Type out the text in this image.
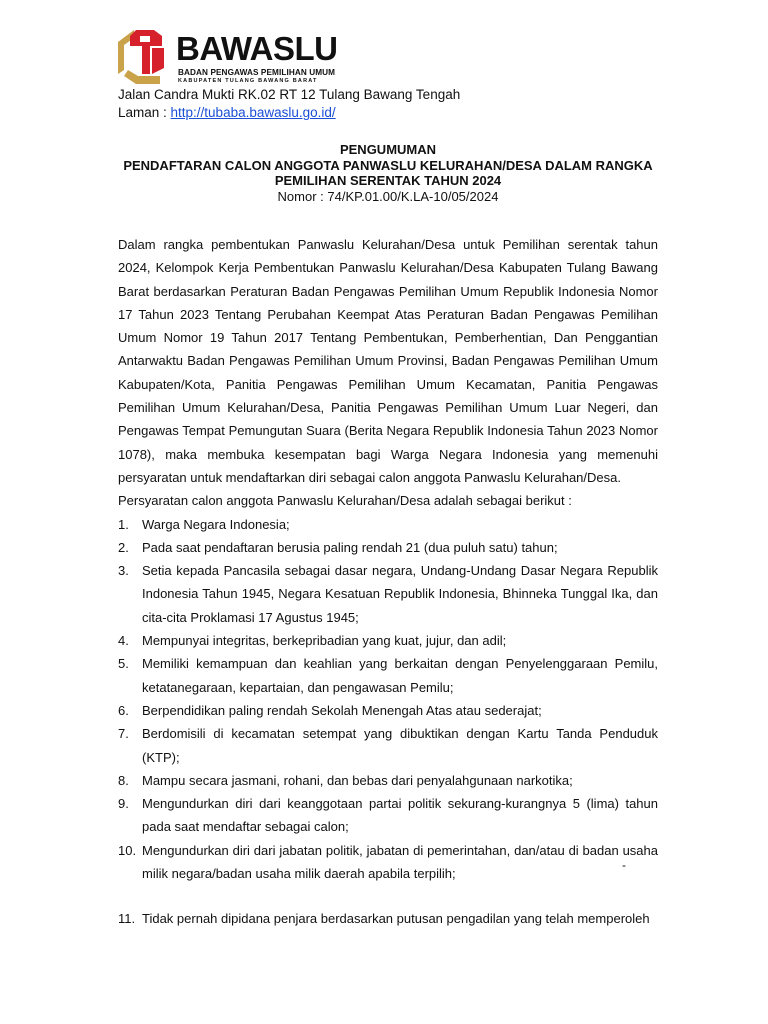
BAWASLU
BADAN PENGAWAS PEMILIHAN UMUM
KABUPATEN TULANG BAWANG BARAT
Jalan Candra Mukti RK.02 RT 12 Tulang Bawang Tengah
Laman : http://tubaba.bawaslu.go.id/
PENGUMUMAN
PENDAFTARAN CALON ANGGOTA PANWASLU KELURAHAN/DESA DALAM RANGKA
PEMILIHAN SERENTAK TAHUN 2024
Nomor : 74/KP.01.00/K.LA-10/05/2024

Dalam rangka pembentukan Panwaslu Kelurahan/Desa untuk Pemilihan serentak tahun 2024, Kelompok Kerja Pembentukan Panwaslu Kelurahan/Desa Kabupaten Tulang Bawang Barat berdasarkan Peraturan Badan Pengawas Pemilihan Umum Republik Indonesia Nomor 17 Tahun 2023 Tentang Perubahan Keempat Atas Peraturan Badan Pengawas Pemilihan Umum Nomor 19 Tahun 2017 Tentang Pembentukan, Pemberhentian, Dan Penggantian Antarwaktu Badan Pengawas Pemilihan Umum Provinsi, Badan Pengawas Pemilihan Umum Kabupaten/Kota, Panitia Pengawas Pemilihan Umum Kecamatan, Panitia Pengawas Pemilihan Umum Kelurahan/Desa, Panitia Pengawas Pemilihan Umum Luar Negeri, dan Pengawas Tempat Pemungutan Suara (Berita Negara Republik Indonesia Tahun 2023 Nomor 1078), maka membuka kesempatan bagi Warga Negara Indonesia yang memenuhi persyaratan untuk mendaftarkan diri sebagai calon anggota Panwaslu Kelurahan/Desa.

Persyaratan calon anggota Panwaslu Kelurahan/Desa adalah sebagai berikut :

1. Warga Negara Indonesia;
2. Pada saat pendaftaran berusia paling rendah 21 (dua puluh satu) tahun;
3. Setia kepada Pancasila sebagai dasar negara, Undang-Undang Dasar Negara Republik Indonesia Tahun 1945, Negara Kesatuan Republik Indonesia, Bhinneka Tunggal Ika, dan cita-cita Proklamasi 17 Agustus 1945;
4. Mempunyai integritas, berkepribadian yang kuat, jujur, dan adil;
5. Memiliki kemampuan dan keahlian yang berkaitan dengan Penyelenggaraan Pemilu, ketatanegaraan, kepartaian, dan pengawasan Pemilu;
6. Berpendidikan paling rendah Sekolah Menengah Atas atau sederajat;
7. Berdomisili di kecamatan setempat yang dibuktikan dengan Kartu Tanda Penduduk (KTP);
8. Mampu secara jasmani, rohani, dan bebas dari penyalahgunaan narkotika;
9. Mengundurkan diri dari keanggotaan partai politik sekurang-kurangnya 5 (lima) tahun pada saat mendaftar sebagai calon;
10. Mengundurkan diri dari jabatan politik, jabatan di pemerintahan, dan/atau di badan usaha milik negara/badan usaha milik daerah apabila terpilih;
11. Tidak pernah dipidana penjara berdasarkan putusan pengadilan yang telah memperoleh
-
